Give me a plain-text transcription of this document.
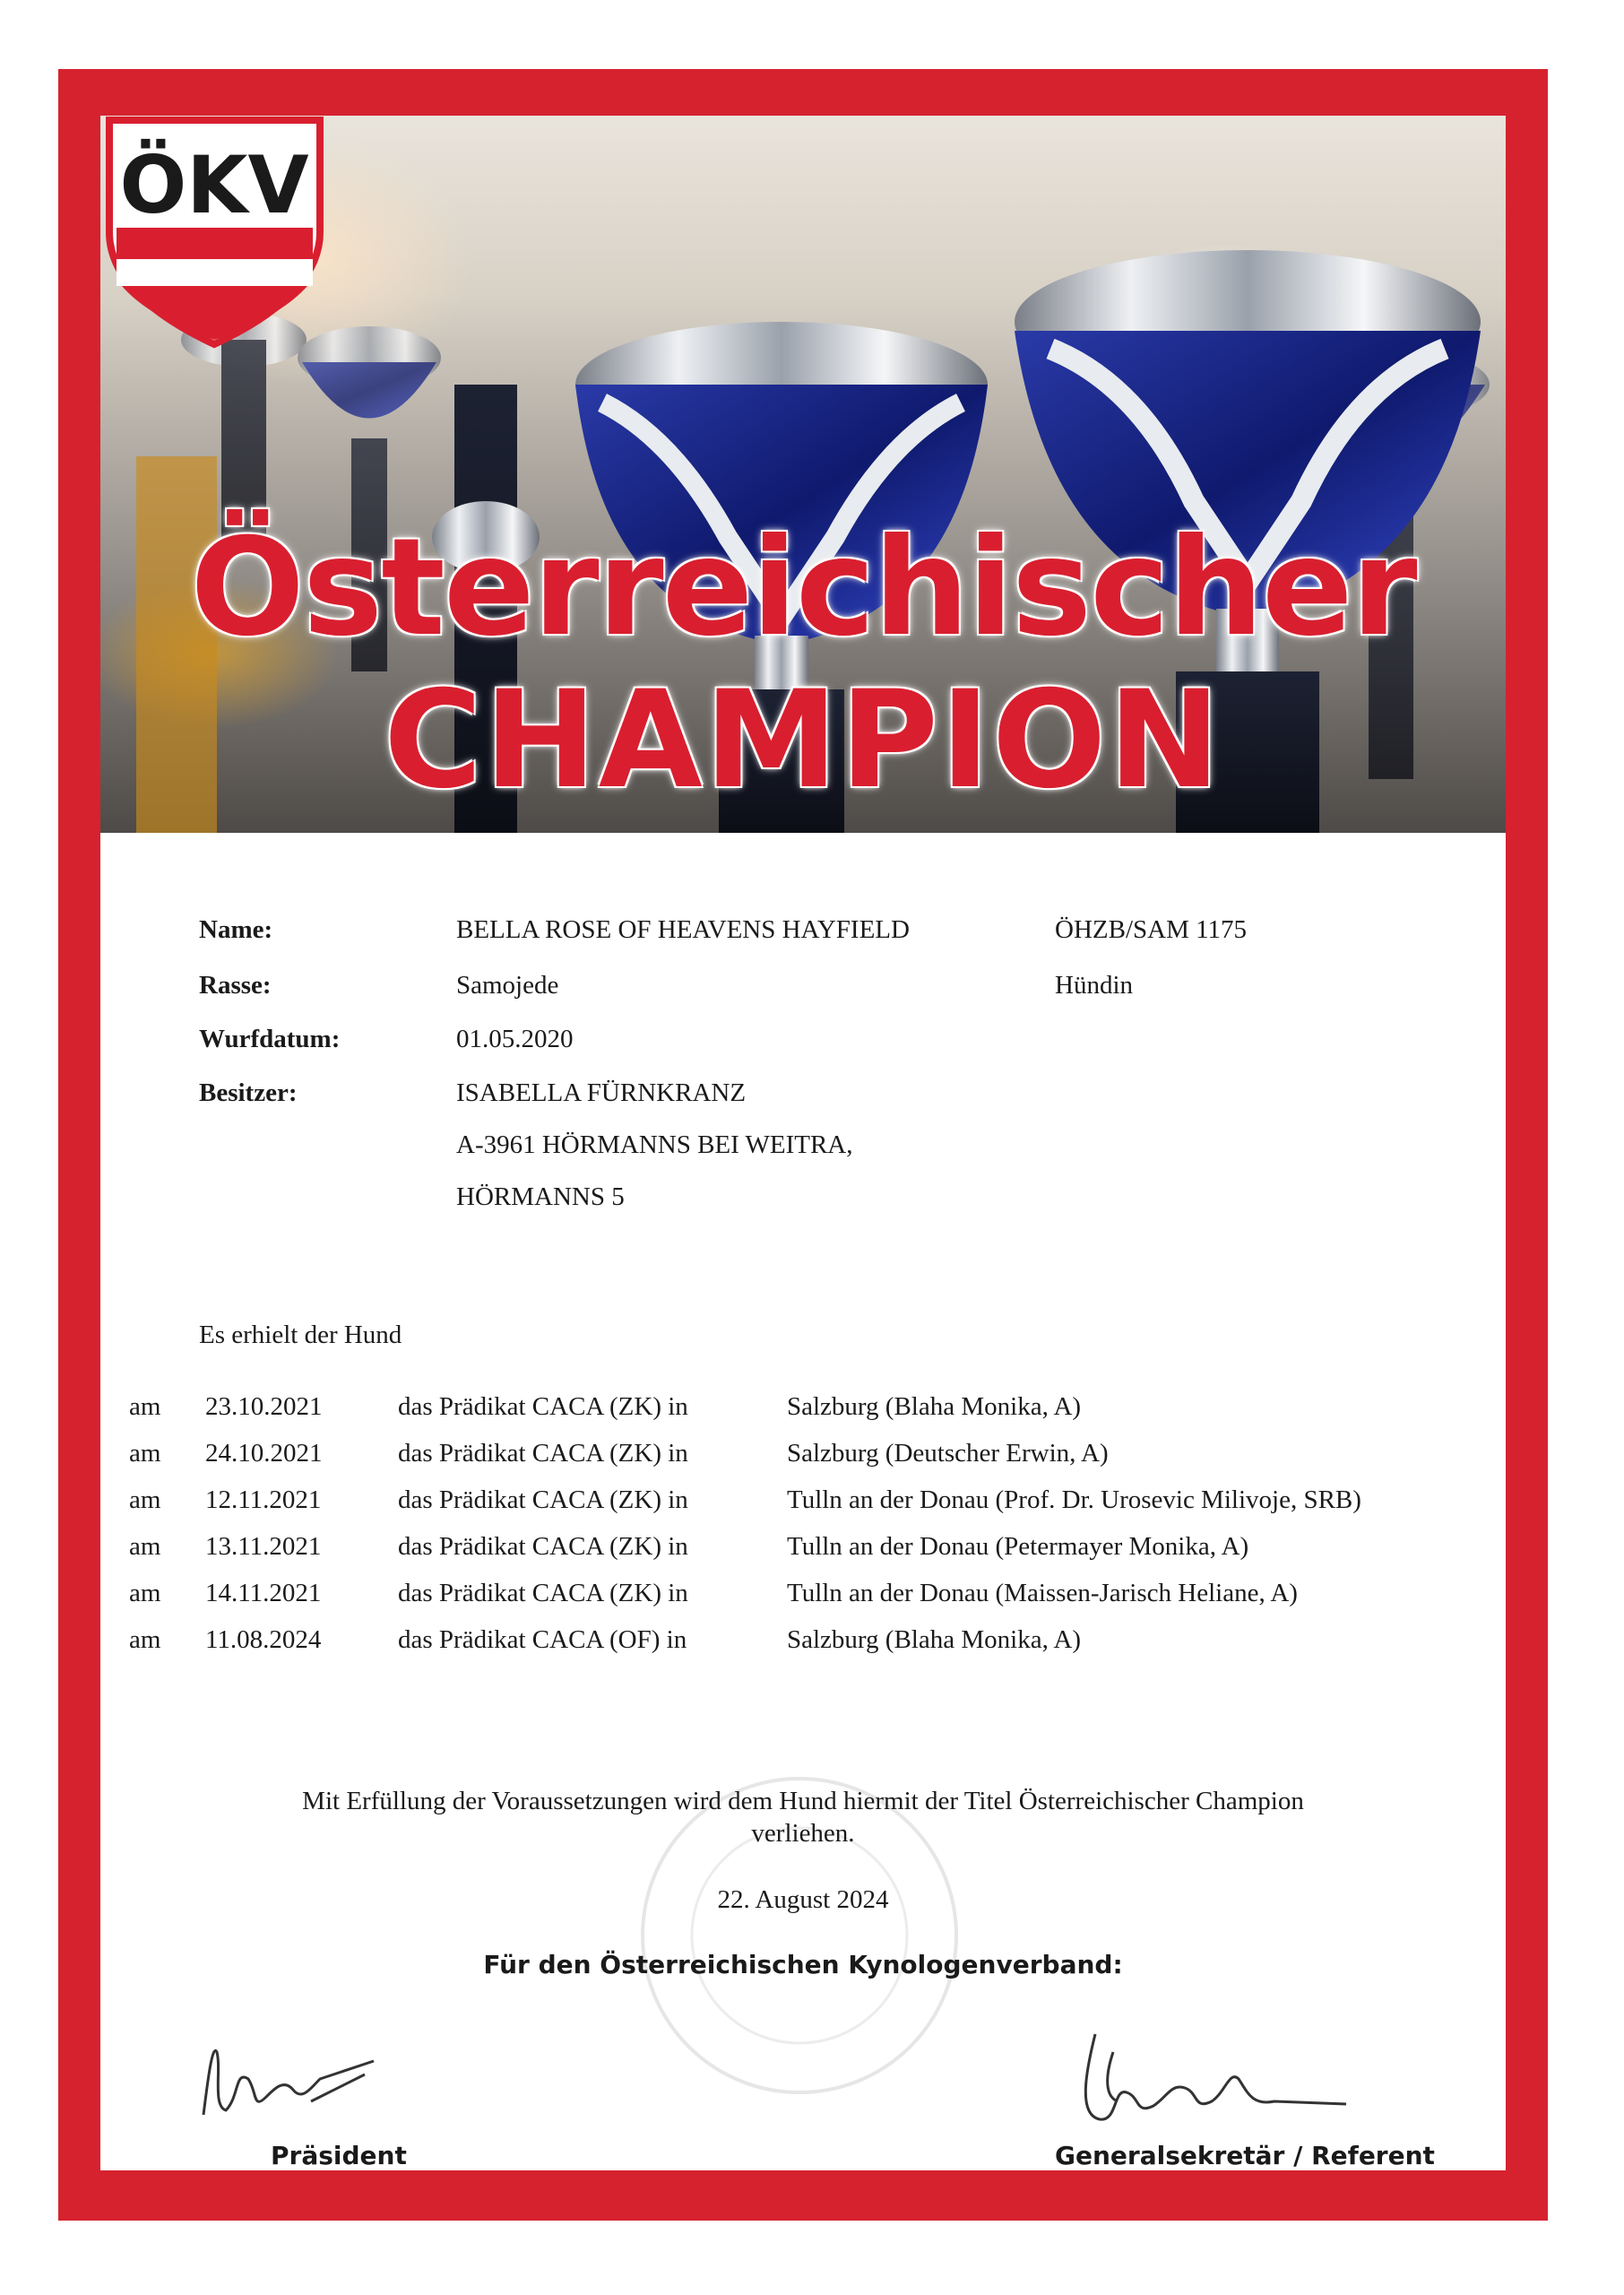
ÖKV
Österreichischer
CHAMPION
Name:	BELLA ROSE OF HEAVENS HAYFIELD	ÖHZB/SAM 1175
Rasse:	Samojede	Hündin
Wurfdatum:	01.05.2020
Besitzer:	ISABELLA FÜRNKRANZ
A-3961 HÖRMANNS BEI WEITRA,
HÖRMANNS 5
Es erhielt der Hund
am 23.10.2021	das Prädikat CACA (ZK) in	Salzburg (Blaha Monika, A)
am 24.10.2021	das Prädikat CACA (ZK) in	Salzburg (Deutscher Erwin, A)
am 12.11.2021	das Prädikat CACA (ZK) in	Tulln an der Donau (Prof. Dr. Urosevic Milivoje, SRB)
am 13.11.2021	das Prädikat CACA (ZK) in	Tulln an der Donau (Petermayer Monika, A)
am 14.11.2021	das Prädikat CACA (ZK) in	Tulln an der Donau (Maissen-Jarisch Heliane, A)
am 11.08.2024	das Prädikat CACA (OF) in	Salzburg (Blaha Monika, A)
Mit Erfüllung der Voraussetzungen wird dem Hund hiermit der Titel Österreichischer Champion
verliehen.
22. August 2024
Für den Österreichischen Kynologenverband:
Präsident	Generalsekretär / Referent
